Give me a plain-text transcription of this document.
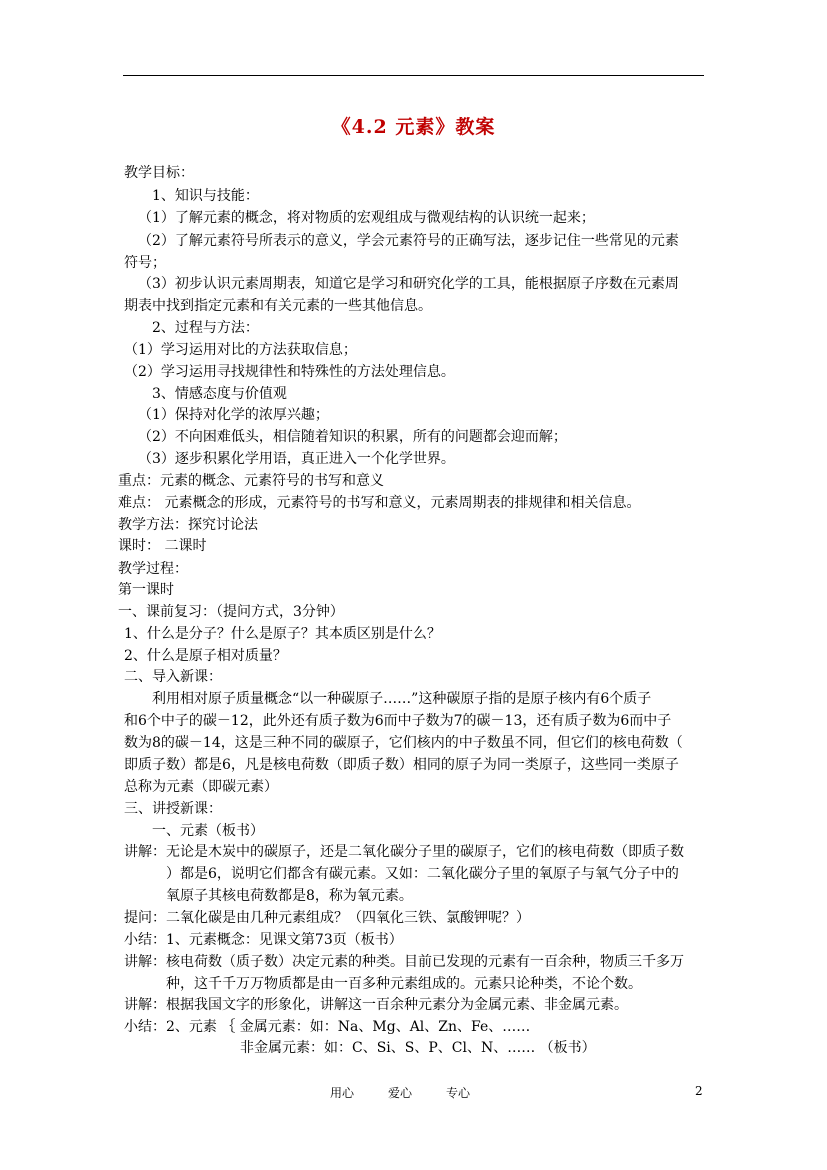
《4.2 元素》教案
教学目标：
1、知识与技能：
（1）了解元素的概念，将对物质的宏观组成与微观结构的认识统一起来；
（2）了解元素符号所表示的意义，学会元素符号的正确写法，逐步记住一些常见的元素
符号；
（3）初步认识元素周期表，知道它是学习和研究化学的工具，能根据原子序数在元素周
期表中找到指定元素和有关元素的一些其他信息。
2、过程与方法：
（1）学习运用对比的方法获取信息；
（2）学习运用寻找规律性和特殊性的方法处理信息。
3、情感态度与价值观
（1）保持对化学的浓厚兴趣；
（2）不向困难低头，相信随着知识的积累，所有的问题都会迎而解；
（3）逐步积累化学用语，真正进入一个化学世界。
重点：元素的概念、元素符号的书写和意义
难点： 元素概念的形成，元素符号的书写和意义，元素周期表的排规律和相关信息。
教学方法：探究讨论法
课时： 二课时
教学过程：
第一课时
一、课前复习：（提问方式，3分钟）
1、什么是分子？什么是原子？其本质区别是什么？
2、什么是原子相对质量？
二、导入新课：
利用相对原子质量概念“以一种碳原子……”这种碳原子指的是原子核内有6个质子
和6个中子的碳－12，此外还有质子数为6而中子数为7的碳－13，还有质子数为6而中子
数为8的碳－14，这是三种不同的碳原子，它们核内的中子数虽不同，但它们的核电荷数（
即质子数）都是6，凡是核电荷数（即质子数）相同的原子为同一类原子，这些同一类原子
总称为元素（即碳元素）
三、讲授新课：
一、元素（板书）
讲解：无论是木炭中的碳原子，还是二氧化碳分子里的碳原子，它们的核电荷数（即质子数
）都是6，说明它们都含有碳元素。又如：二氧化碳分子里的氧原子与氧气分子中的
氧原子其核电荷数都是8，称为氧元素。
提问：二氧化碳是由几种元素组成？（四氧化三铁、氯酸钾呢？）
小结：1、元素概念：见课文第73页（板书）
讲解：核电荷数（质子数）决定元素的种类。目前已发现的元素有一百余种，物质三千多万
种，这千千万万物质都是由一百多种元素组成的。元素只论种类，不论个数。
讲解：根据我国文字的形象化，讲解这一百余种元素分为金属元素、非金属元素。
小结：2、元素 ｛ 金属元素：如：Na、Mg、Al、Zn、Fe、……
非金属元素：如：C、Si、S、P、Cl、N、…… （板书）
用心	爱心	专心	2
